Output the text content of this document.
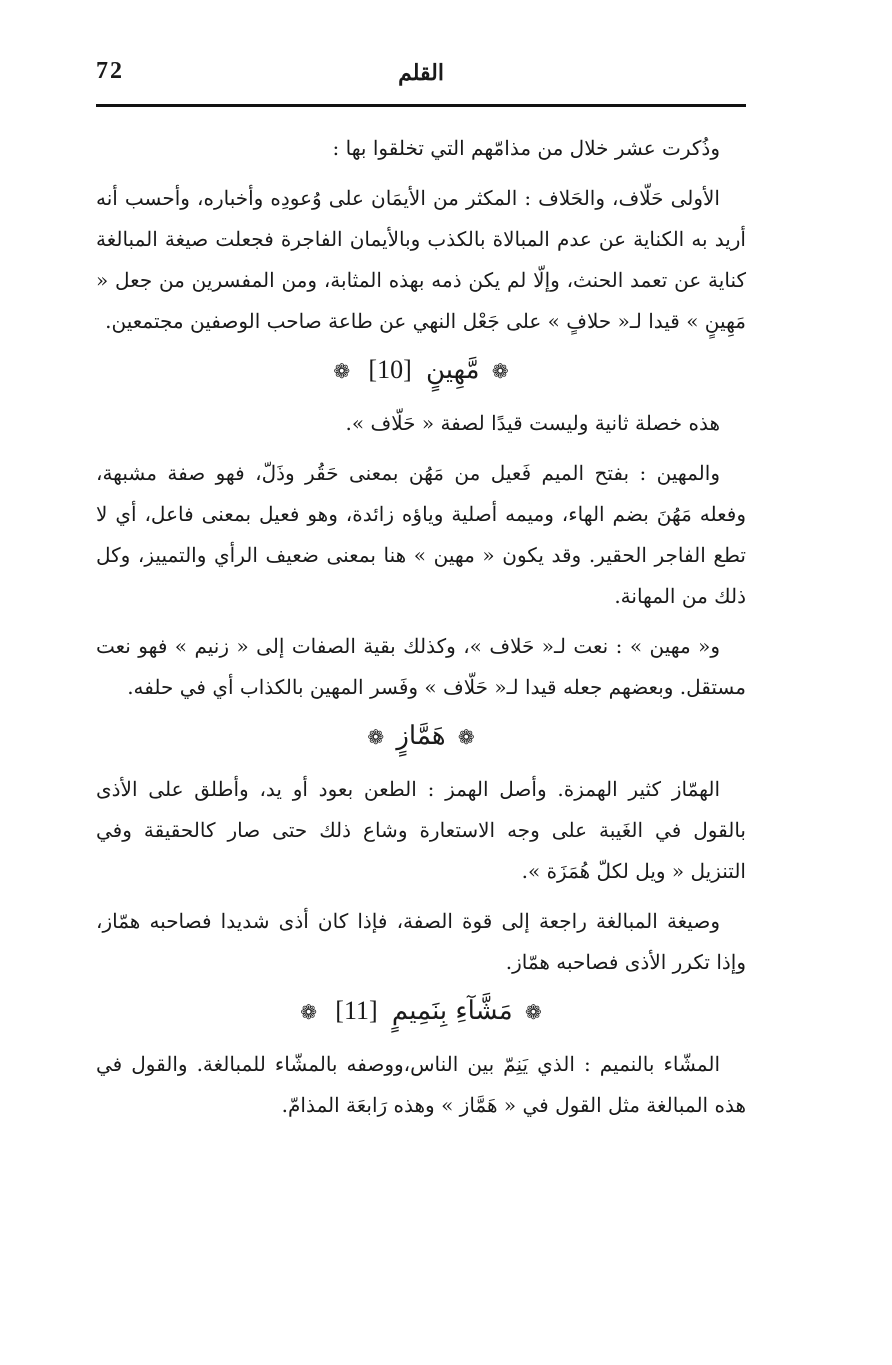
72	القلم

وذُكرت عشر خلال من مذامّهم التي تخلقوا بها :

الأولى حَلّاف، والحَلاف : المكثر من الأيمَان على وُعودِه وأخباره، وأحسب أنه أريد به الكناية عن عدم المبالاة بالكذب وبالأيمان الفاجرة فجعلت صيغة المبالغة كناية عن تعمد الحنث، وإلّا لم يكن ذمه بهذه المثابة، ومن المفسرين من جعل « مَهِينٍ » قيدا لـ« حلافٍ » على جَعْل النهي عن طاعة صاحب الوصفين مجتمعين.

❁ مَّهِينٍ [10] ❁

هذه خصلة ثانية وليست قيدًا لصفة « حَلّاف ».

والمهين : بفتح الميم فَعيل من مَهُن بمعنى حَقُر وذَلّ، فهو صفة مشبهة، وفعله مَهُنَ بضم الهاء، وميمه أصلية وياؤه زائدة، وهو فعيل بمعنى فاعل، أي لا تطع الفاجر الحقير. وقد يكون « مهين » هنا بمعنى ضعيف الرأي والتمييز، وكل ذلك من المهانة.

و« مهين » : نعت لـ« حَلاف »، وكذلك بقية الصفات إلى « زنيم » فهو نعت مستقل. وبعضهم جعله قيدا لـ« حَلّاف » وفَسر المهين بالكذاب أي في حلفه.

❁ هَمَّازٍ ❁

الهمّاز كثير الهمزة. وأصل الهمز : الطعن بعود أو يد، وأطلق على الأذى بالقول في الغَيبة على وجه الاستعارة وشاع ذلك حتى صار كالحقيقة وفي التنزيل « ويل لكلّ هُمَزَة ».

وصيغة المبالغة راجعة إلى قوة الصفة، فإذا كان أذى شديدا فصاحبه همّاز، وإذا تكرر الأذى فصاحبه همّاز.

❁ مَشَّآءِ بِنَمِيمٍ [11] ❁

المشّاء بالنميم : الذي يَنِمّ بين الناس،ووصفه بالمشّاء للمبالغة. والقول في هذه المبالغة مثل القول في « هَمَّاز » وهذه رَابعَة المذامّ.
